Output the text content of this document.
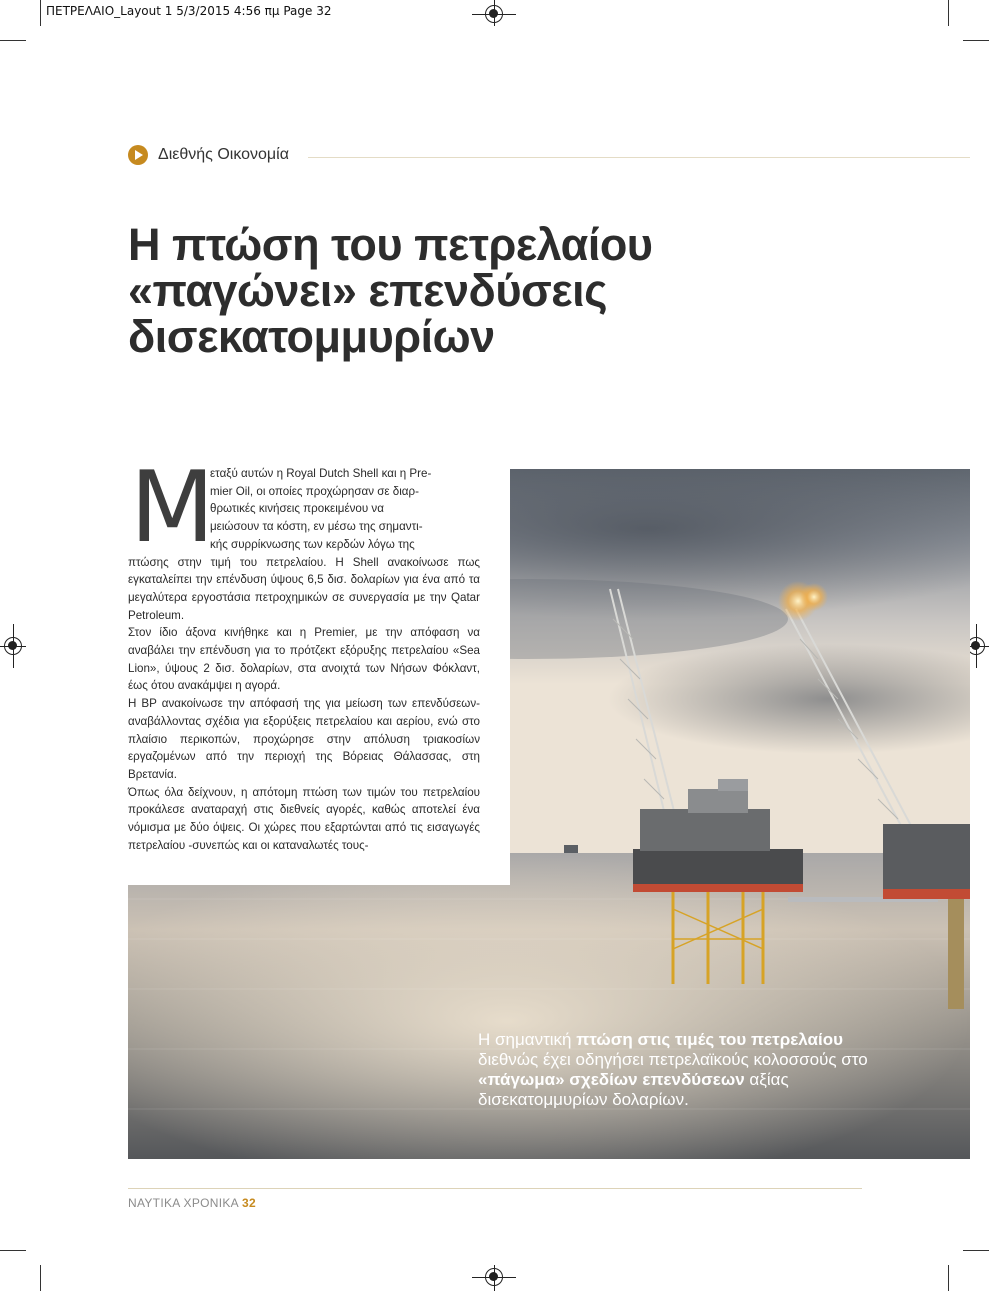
ΠΕΤΡΕΛΑΙΟ_Layout 1 5/3/2015 4:56 πμ Page 32
Διεθνής Οικονομία
Η πτώση του πετρελαίου
«παγώνει» επενδύσεις
δισεκατομμυρίων
M

εταξύ αυτών η Royal Dutch Shell και η Pre-
mier Oil, οι οποίες προχώρησαν σε διαρ-
θρωτικές κινήσεις προκειμένου να
μειώσουν τα κόστη, εν μέσω της σημαντι-
κής συρρίκνωσης των κερδών λόγω της
πτώσης στην τιμή του πετρελαίου. Η Shell ανακοίνωσε πως εγκαταλείπει την επένδυση ύψους 6,5 δισ. δολαρίων για ένα από τα μεγαλύτερα εργοστάσια πετροχημικών σε συνεργασία με την Qatar Petroleum.

Στον ίδιο άξονα κινήθηκε και η Premier, με την απόφαση να αναβάλει την επένδυση για το πρότζεκτ εξόρυξης πετρελαίου «Sea Lion», ύψους 2 δισ. δολαρίων, στα ανοιχτά των Νήσων Φόκλαντ, έως ότου ανακάμψει η αγορά.

Η BP ανακοίνωσε την απόφασή της για μείωση των επενδύσεων- αναβάλλοντας σχέδια για εξορύξεις πετρελαίου και αερίου, ενώ στο πλαίσιο περικοπών, προχώρησε στην απόλυση τριακοσίων εργαζομένων από την περιοχή της Βόρειας Θάλασσας, στη Βρετανία.

Όπως όλα δείχνουν, η απότομη πτώση των τιμών του πετρελαίου προκάλεσε αναταραχή στις διεθνείς αγορές, καθώς αποτελεί ένα νόμισμα με δύο όψεις. Οι χώρες που εξαρτώνται από τις εισαγωγές πετρελαίου -συνεπώς και οι καταναλωτές τους-

Η σημαντική πτώση στις τιμές του πετρελαίου διεθνώς έχει οδηγήσει πετρελαϊκούς κολοσσούς στο «πάγωμα» σχεδίων επενδύσεων αξίας δισεκατομμυρίων δολαρίων.
ΝΑΥΤΙΚΑ ΧΡΟΝΙΚΑ 32
